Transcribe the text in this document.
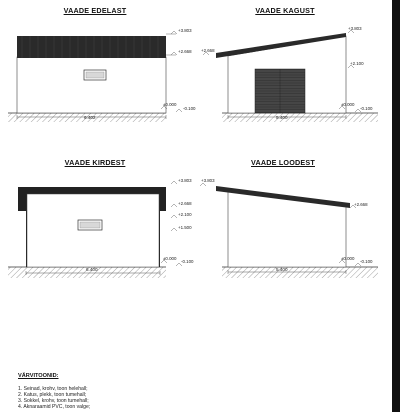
VAADE EDELAST	VAADE KAGUST
VAADE KIRDEST	VAADE LOODEST
+3.803
+2.668
±0.000
-0.100
6.402
+2.668
+3.803
+2.100
±0.000
-0.100
5.400
+3.803
+2.668
+2.100
+1.500
±0.000
-0.100
6.400
+3.803
+2.668
±0.000
-0.100
5.400
VÄRVITOONID:
1. Seinad, krohv, toon helehall;
2. Katus, plekk, toon tumehall;
3. Sokkel, krohv, toon tumehall;
4. Aknaraamid PVC, toon valge;
